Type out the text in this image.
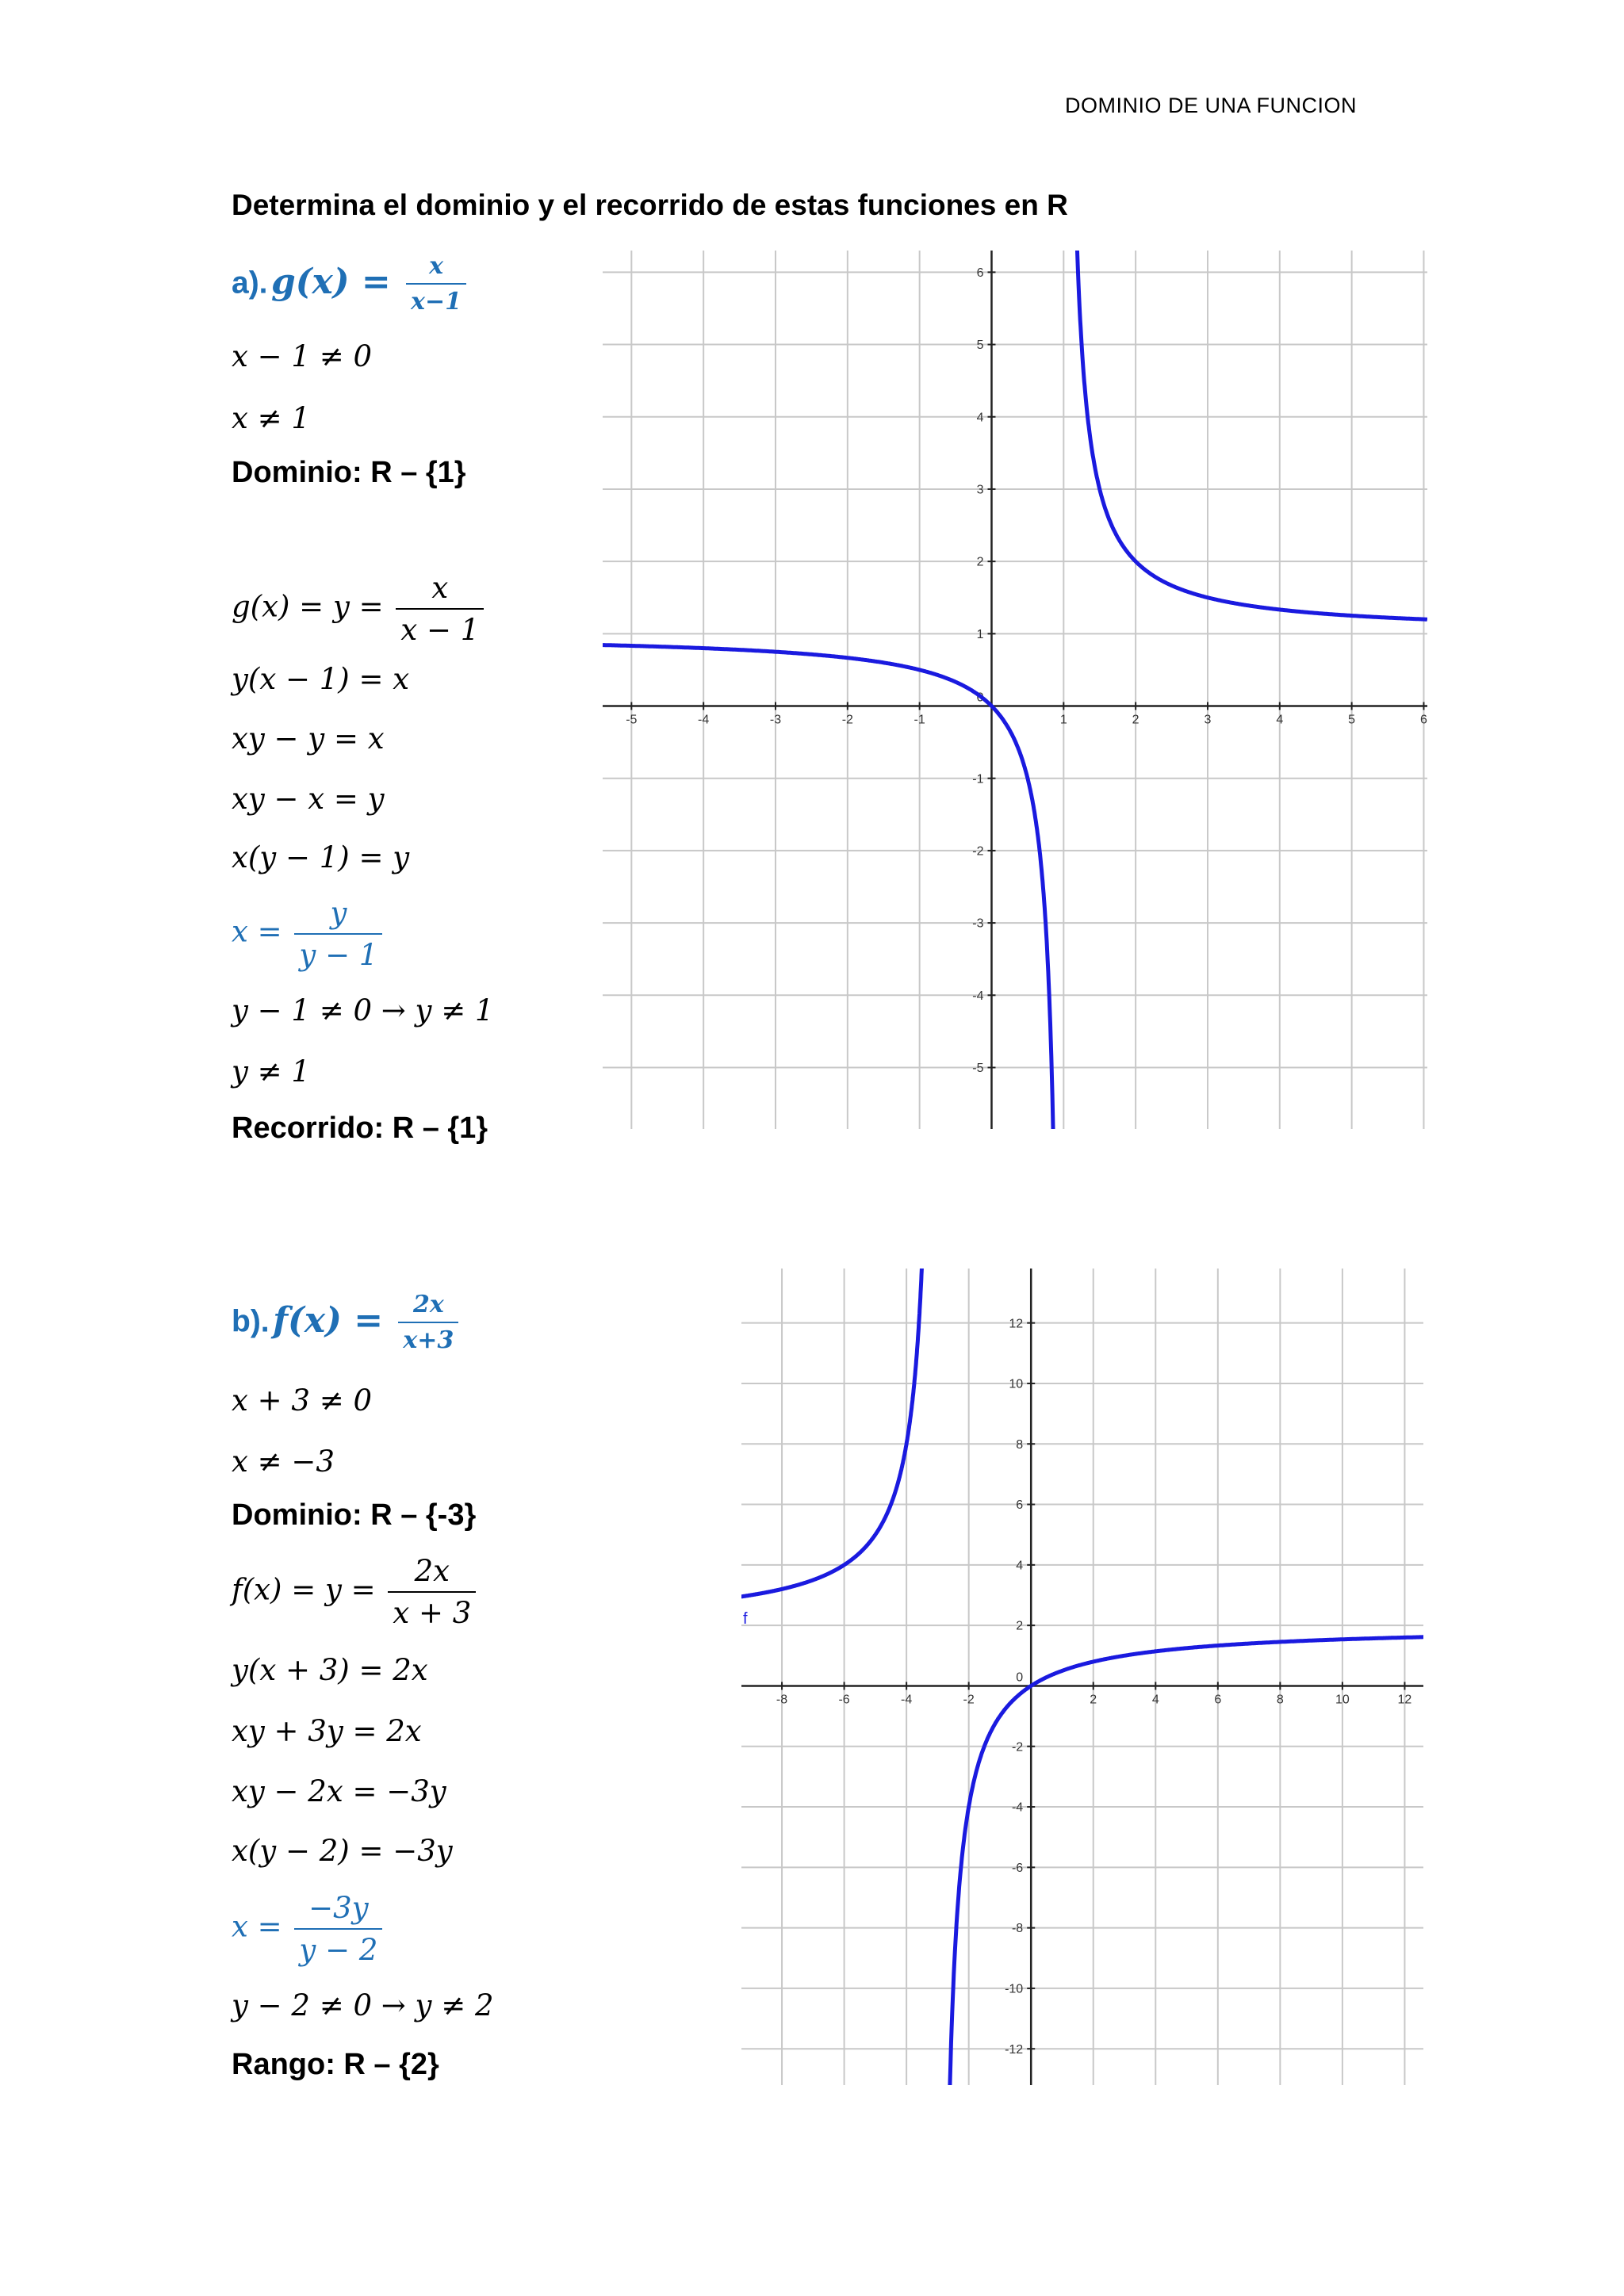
DOMINIO DE UNA FUNCION
Determina el dominio y el recorrido de estas funciones en R
a). $g(x) = \frac{x}{x-1}$
x − 1 ≠ 0
x ≠ 1
Dominio: R – {1}
$g(x) = y = \frac{x}{x - 1}$
y(x − 1) = x
xy − y = x
xy − x = y
x(y − 1) = y
$x = \frac{y}{y - 1}$
y − 1 ≠ 0 → y ≠ 1
y ≠ 1
Recorrido: R – {1}
b). $f(x) = \frac{2x}{x+3}$
x + 3 ≠ 0
x ≠ −3
Dominio: R – {-3}
$f(x) = y = \frac{2x}{x + 3}$
y(x + 3) = 2x
xy + 3y = 2x
xy − 2x = −3y
x(y − 2) = −3y
$x = \frac{-3y}{y - 2}$
y − 2 ≠ 0 → y ≠ 2
Rango: R – {2}
-5	-4	-3	-2	-1	1	2	3	4	5	6
6
5
4
3
2
1
-1
-2
-3
-4
-5
0
-8	-6	-4	-2	2	4	6	8	10	12
12
10
8
6
4
2
-2
-4
-6
-8
-10
-12
0
f
